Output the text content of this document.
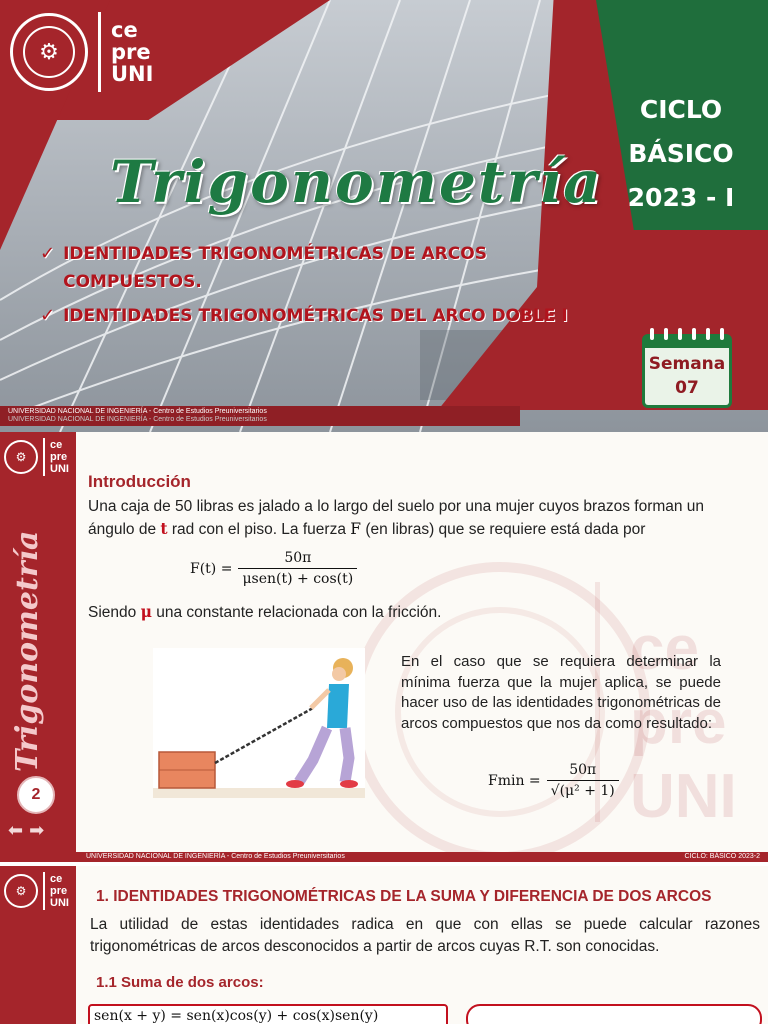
⚙
ce
pre
UNI
Trigonometría
✓ IDENTIDADES TRIGONOMÉTRICAS DE ARCOS COMPUESTOS.
✓ IDENTIDADES TRIGONOMÉTRICAS DEL ARCO DOBLE I
CICLO
BÁSICO
2023 - I
Semana
07
UNIVERSIDAD NACIONAL DE INGENIERÍA - Centro de Estudios Preuniversitarios
UNIVERSIDAD NACIONAL DE INGENIERÍA - Centro de Estudios Preuniversitarios
⚙
ce
pre
UNI
Trigonometría
2
⬅ ➡
ce
pre
UNI
Introducción

Una caja de 50 libras es jalado a lo largo del suelo por una mujer cuyos brazos forman un ángulo de t rad con el piso. La fuerza F (en libras) que se requiere está dada por

$F(t) = \frac{50\pi}{\text{μsen(t) + cos(t)}}$

Siendo μ una constante relacionada con la fricción.

En el caso que se requiera determinar la mínima fuerza que la mujer aplica, se puede hacer uso de las identidades trigonométricas de arcos compuestos que nos da como resultado:

$Fmin = \frac{50\pi}{\text{√(μ² + 1)}}$
UNIVERSIDAD NACIONAL DE INGENIERÍA - Centro de Estudios Preuniversitarios	CICLO: BÁSICO 2023-2
⚙
ce
pre
UNI 1. IDENTIDADES TRIGONOMÉTRICAS DE LA SUMA Y DIFERENCIA DE DOS ARCOS

La utilidad de estas identidades radica en que con ellas se puede calcular razones trigonométricas de arcos desconocidos a partir de arcos cuyas R.T. son conocidas.

1.1 Suma de dos arcos:
sen(x + y) = sen(x)cos(y) + cos(x)sen(y)
